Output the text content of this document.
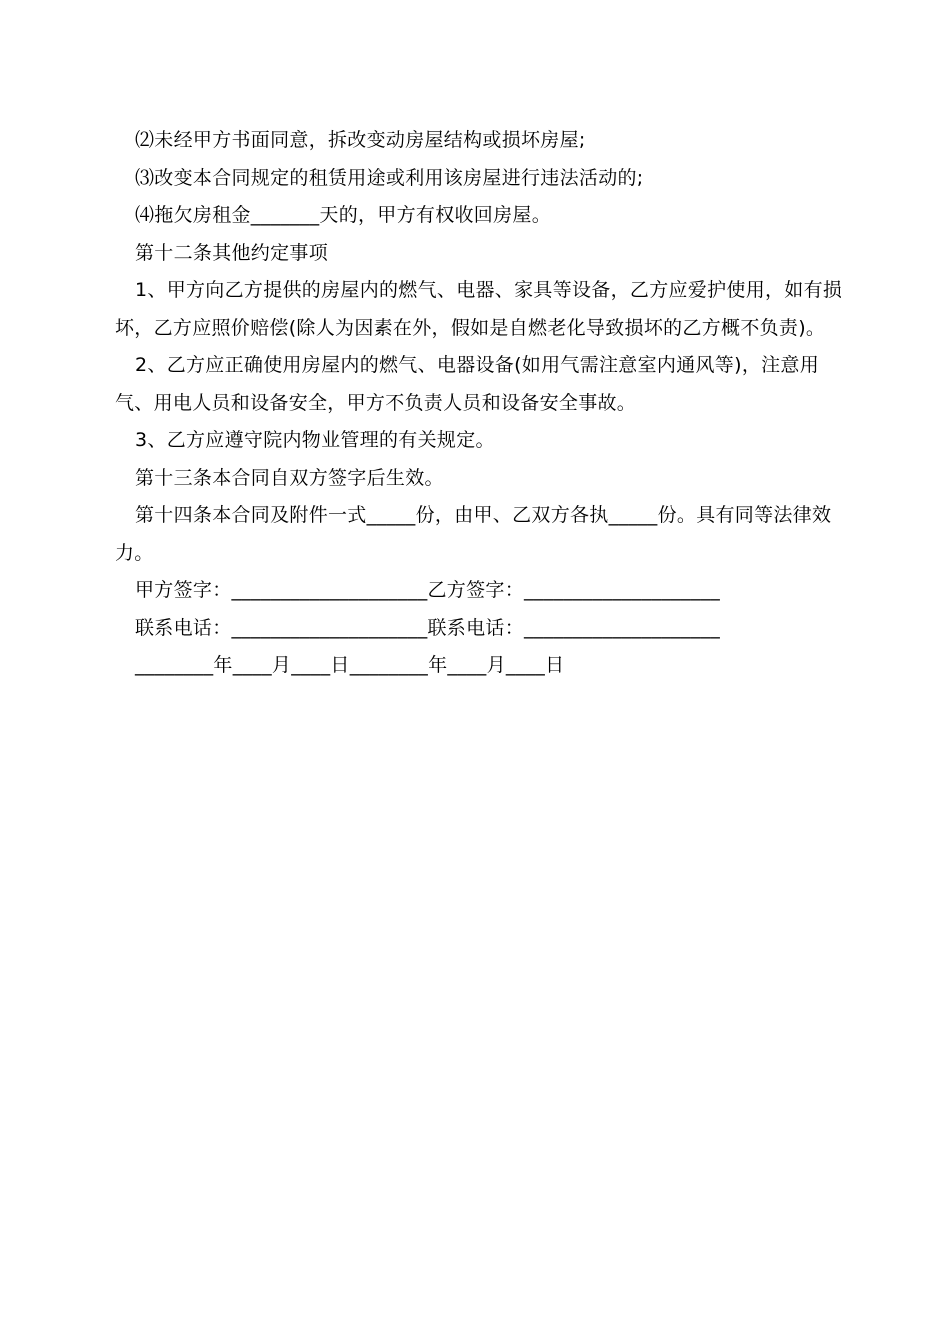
⑵未经甲方书面同意，拆改变动房屋结构或损坏房屋;
⑶改变本合同规定的租赁用途或利用该房屋进行违法活动的;
⑷拖欠房租金_______天的，甲方有权收回房屋。
第十二条其他约定事项
1、甲方向乙方提供的房屋内的燃气、电器、家具等设备，乙方应爱护使用，如有损坏，乙方应照价赔偿(除人为因素在外，假如是自燃老化导致损坏的乙方概不负责)。
2、乙方应正确使用房屋内的燃气、电器设备(如用气需注意室内通风等)，注意用气、用电人员和设备安全，甲方不负责人员和设备安全事故。
3、乙方应遵守院内物业管理的有关规定。
第十三条本合同自双方签字后生效。
第十四条本合同及附件一式_____份，由甲、乙双方各执_____份。具有同等法律效力。
甲方签字：____________________乙方签字：____________________
联系电话：____________________联系电话：____________________
________年____月____日________年____月____日
